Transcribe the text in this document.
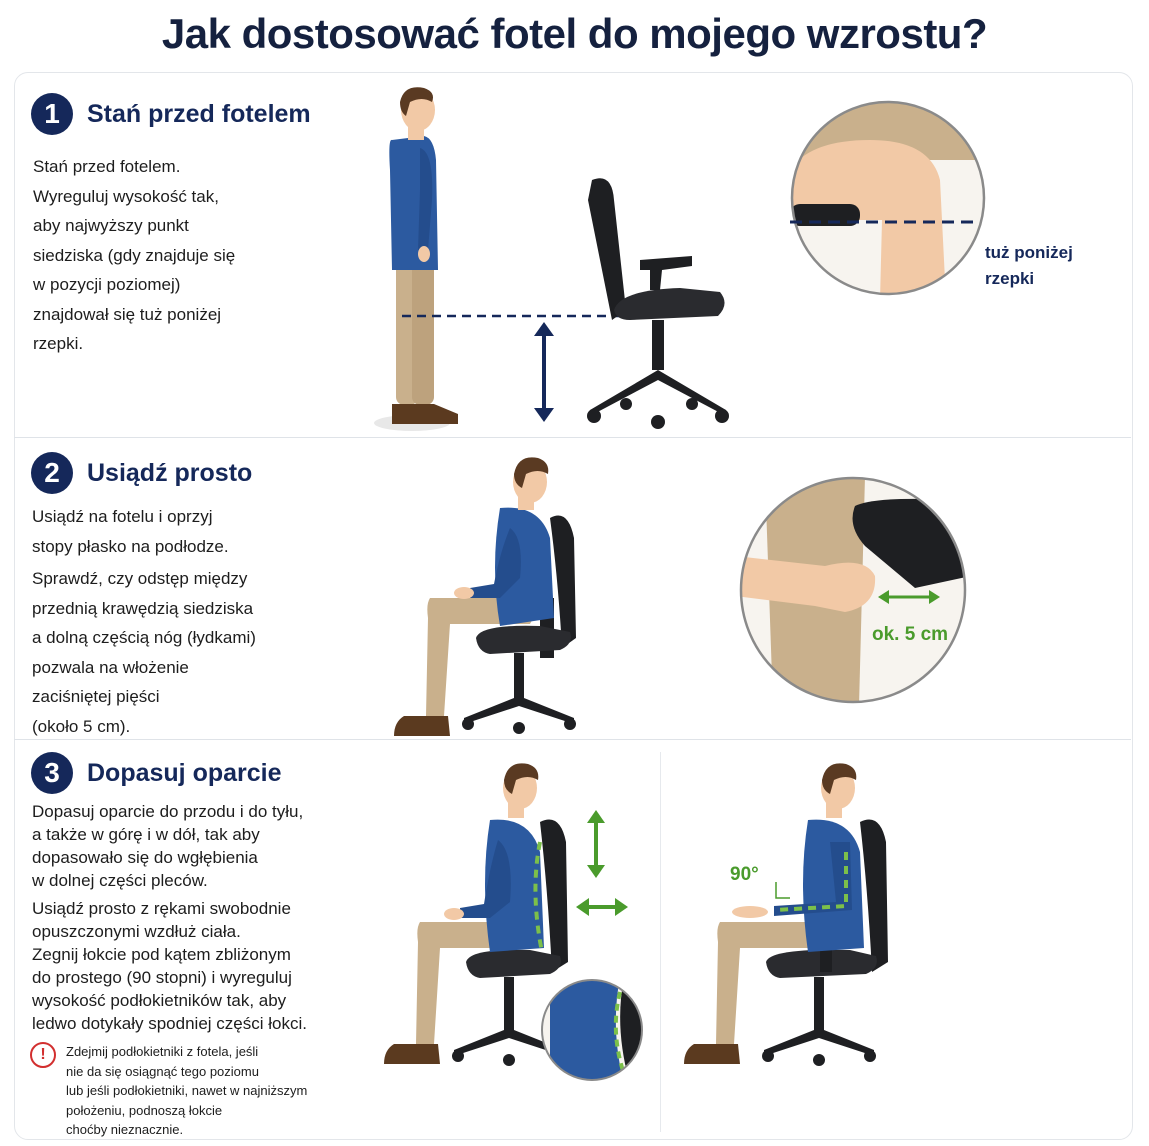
Jak dostosować fotel do mojego wzrostu?
1	Stań przed fotelem
Stań przed fotelem.
Wyreguluj wysokość tak,
aby najwyższy punkt
siedziska (gdy znajduje się
w pozycji poziomej)
znajdował się tuż poniżej
rzepki.
tuż poniżej
rzepki
2	Usiądź prosto
Usiądź na fotelu i oprzyj
stopy płasko na podłodze.
Sprawdź, czy odstęp między
przednią krawędzią siedziska
a dolną częścią nóg (łydkami)
pozwala na włożenie
zaciśniętej pięści
(około 5 cm).
ok. 5 cm
3	Dopasuj oparcie
Dopasuj oparcie do przodu i do tyłu,
a także w górę i w dół, tak aby
dopasowało się do wgłębienia
w dolnej części pleców.
Usiądź prosto z rękami swobodnie
opuszczonymi wzdłuż ciała.
Zegnij łokcie pod kątem zbliżonym
do prostego (90 stopni) i wyreguluj
wysokość podłokietników tak, aby
ledwo dotykały spodniej części łokci.
!	Zdejmij podłokietniki z fotela, jeśli
nie da się osiągnąć tego poziomu
lub jeśli podłokietniki, nawet w najniższym
położeniu, podnoszą łokcie
choćby nieznacznie.
90°
